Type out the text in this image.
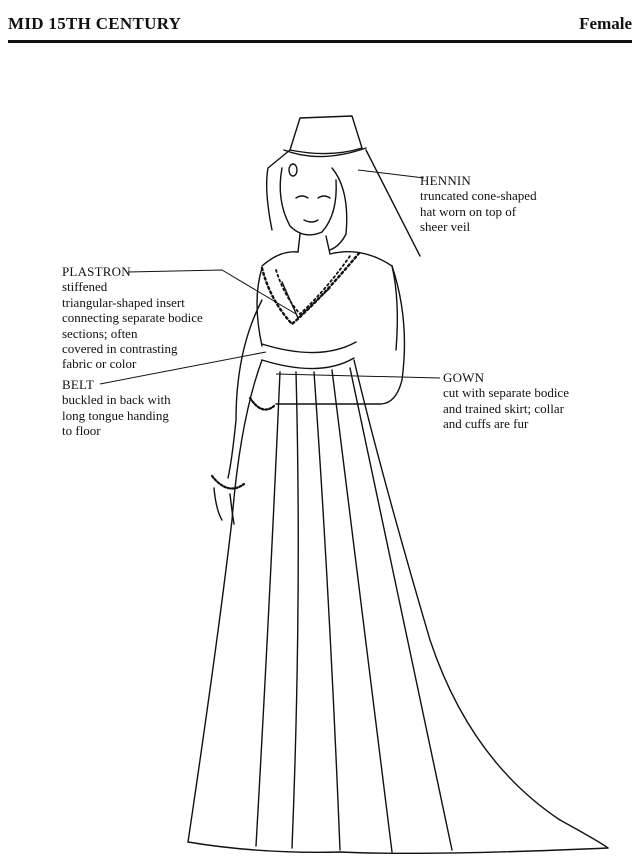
MID 15TH CENTURY	Female
HENNIN
truncated cone-shaped
hat worn on top of
sheer veil
PLASTRON
stiffened
triangular-shaped insert
connecting separate bodice
sections; often
covered in contrasting
fabric or color
BELT
buckled in back with
long tongue handing
to floor
GOWN
cut with separate bodice
and trained skirt; collar
and cuffs are fur
